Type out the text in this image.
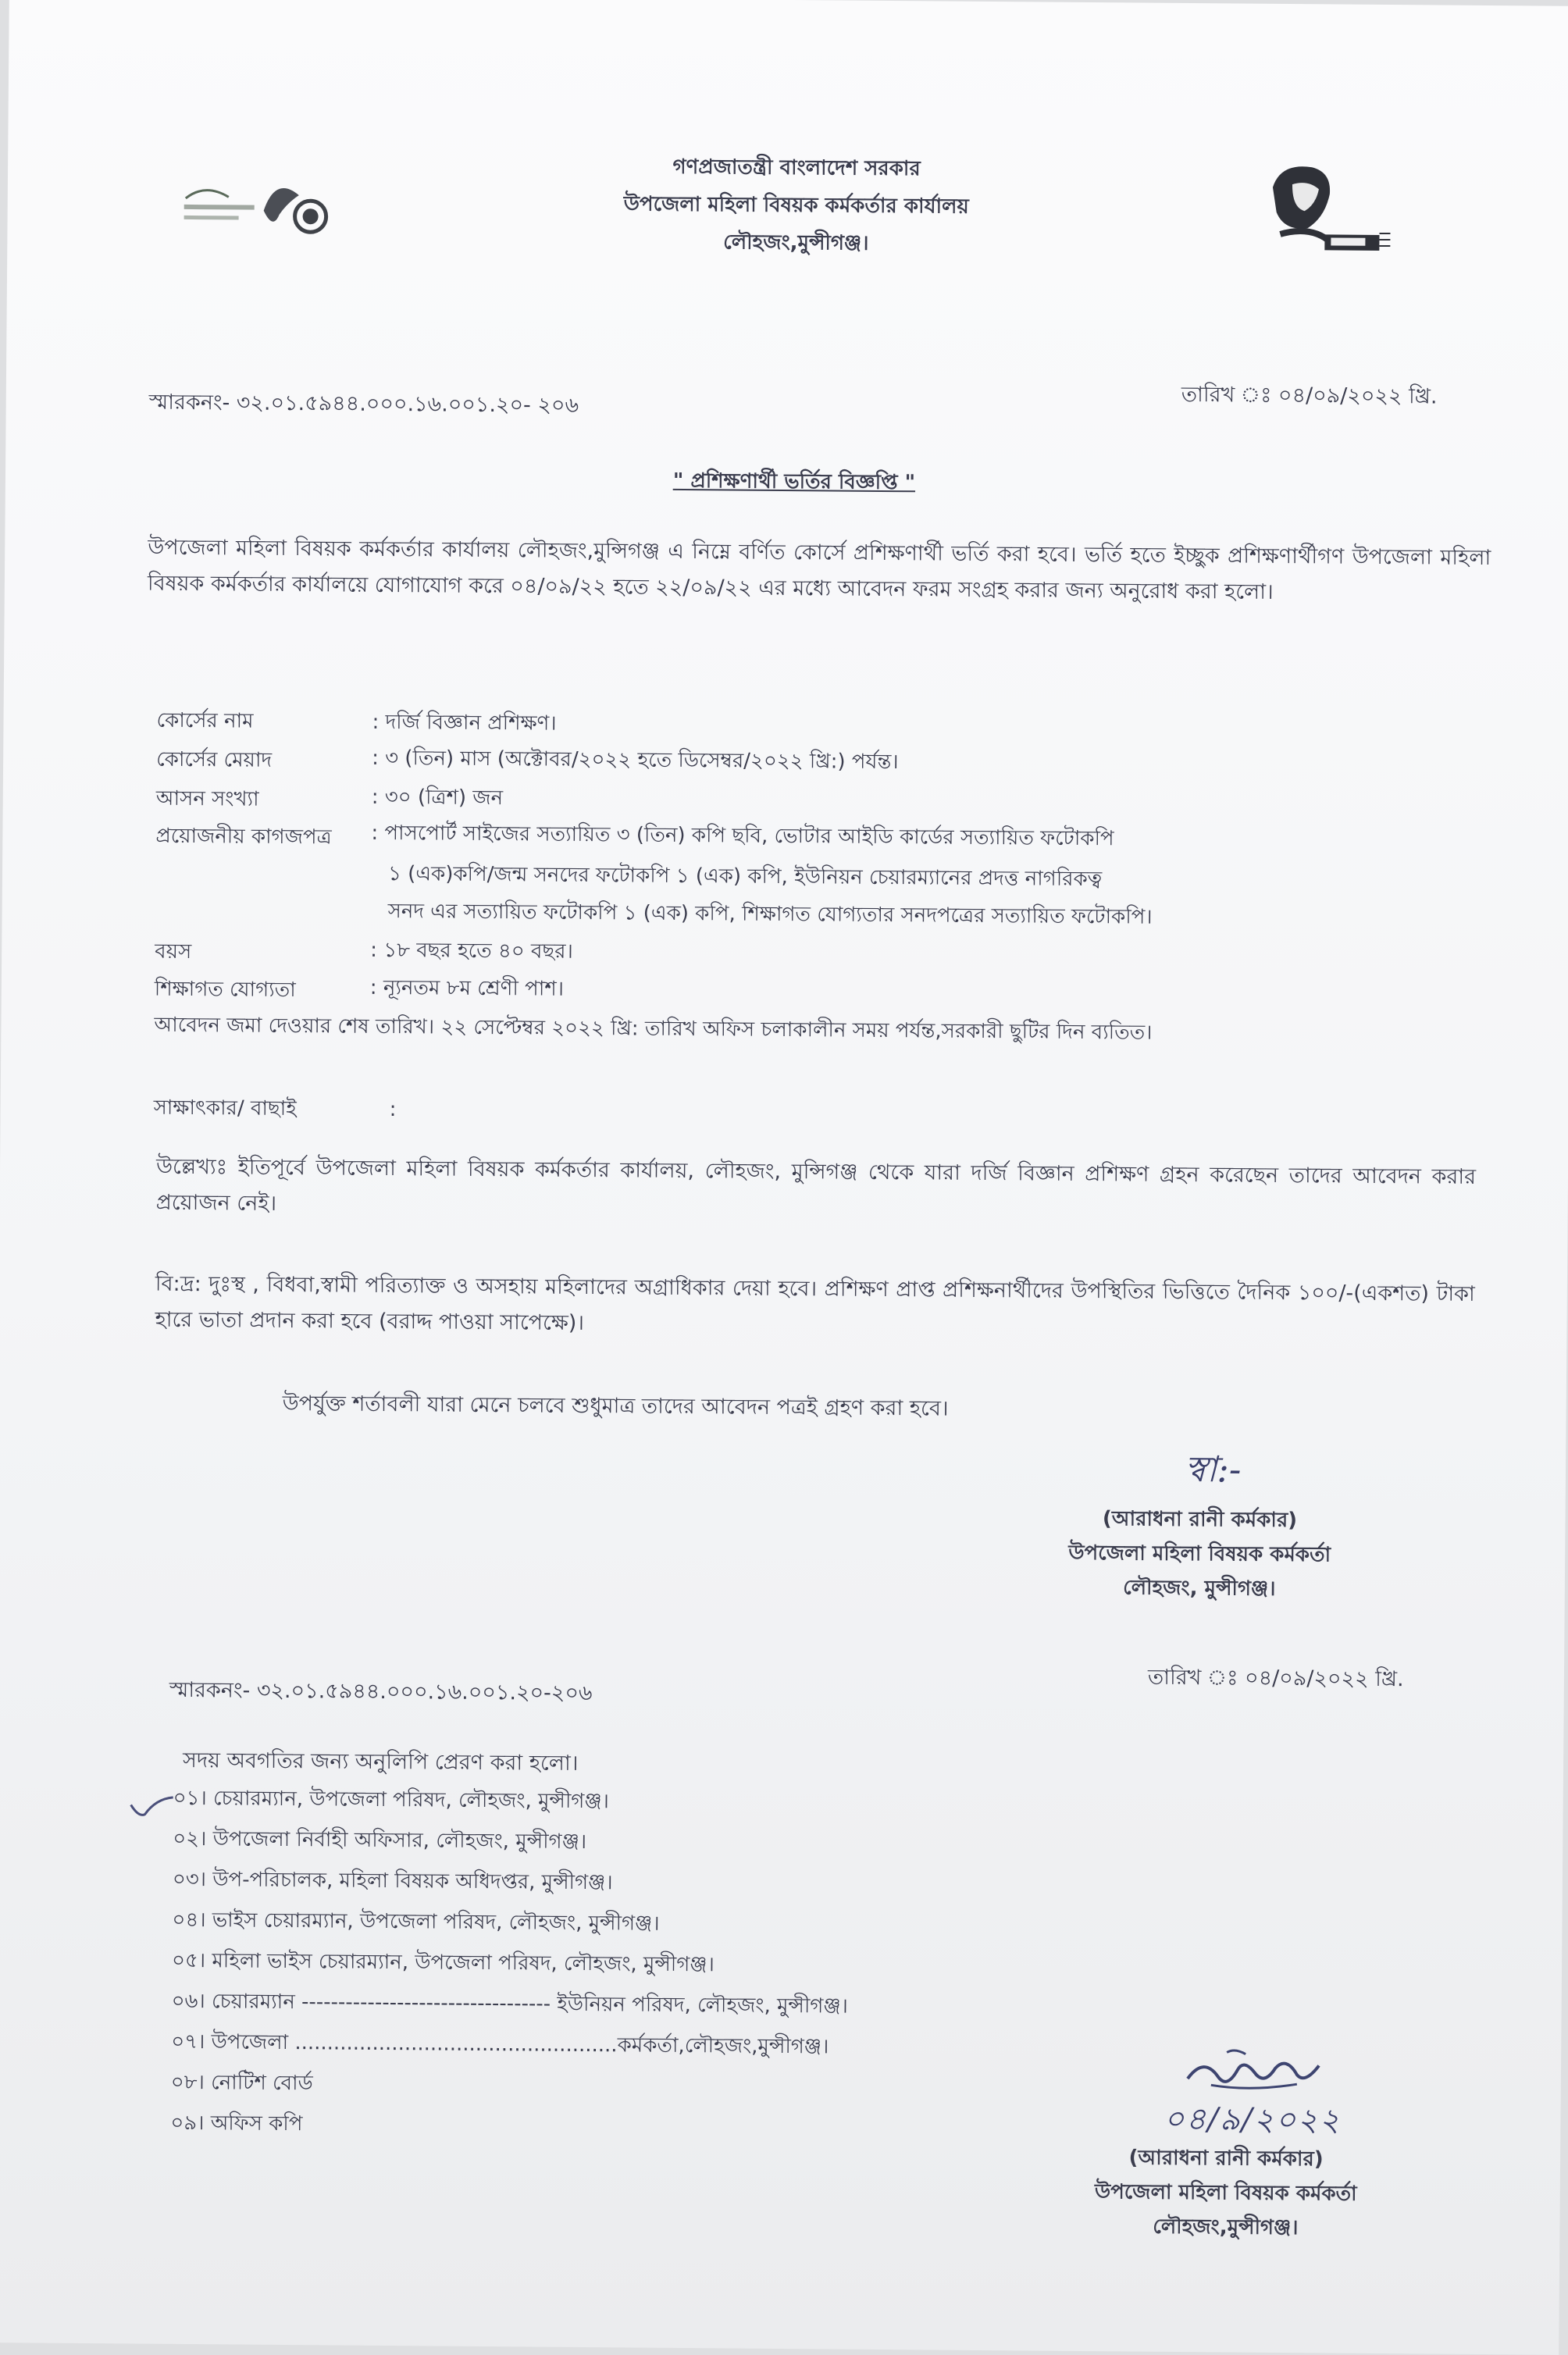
গণপ্রজাতন্ত্রী বাংলাদেশ সরকার
উপজেলা মহিলা বিষয়ক কর্মকর্তার কার্যালয়
লৌহজং,মুন্সীগঞ্জ।
স্মারকনং- ৩২.০১.৫৯৪৪.০০০.১৬.০০১.২০- ২০৬	তারিখ ঃ ০৪/০৯/২০২২ খ্রি.
" প্রশিক্ষণার্থী ভর্তির বিজ্ঞপ্তি "
উপজেলা মহিলা বিষয়ক কর্মকর্তার কার্যালয় লৌহজং,মুন্সিগঞ্জ এ নিম্নে বর্ণিত কোর্সে প্রশিক্ষণার্থী ভর্তি করা হবে। ভর্তি হতে ইচ্ছুক প্রশিক্ষণার্থীগণ উপজেলা মহিলা বিষয়ক কর্মকর্তার কার্যালয়ে যোগাযোগ করে ০৪/০৯/২২ হতে ২২/০৯/২২ এর মধ্যে আবেদন ফরম সংগ্রহ করার জন্য অনুরোধ করা হলো।
কোর্সের নাম	: দর্জি বিজ্ঞান প্রশিক্ষণ।
কোর্সের মেয়াদ	: ৩ (তিন) মাস (অক্টোবর/২০২২ হতে ডিসেম্বর/২০২২ খ্রি:) পর্যন্ত।
আসন সংখ্যা	: ৩০ (ত্রিশ) জন
প্রয়োজনীয় কাগজপত্র : পাসপোর্ট সাইজের সত্যায়িত ৩ (তিন) কপি ছবি, ভোটার আইডি কার্ডের সত্যায়িত ফটোকপি
১ (এক)কপি/জন্ম সনদের ফটোকপি ১ (এক) কপি, ইউনিয়ন চেয়ারম্যানের প্রদত্ত নাগরিকত্ব
সনদ এর সত্যায়িত ফটোকপি ১ (এক) কপি, শিক্ষাগত যোগ্যতার সনদপত্রের সত্যায়িত ফটোকপি।
বয়স	: ১৮ বছর হতে ৪০ বছর।
শিক্ষাগত যোগ্যতা	: ন্যূনতম ৮ম শ্রেণী পাশ।
আবেদন জমা দেওয়ার শেষ তারিখ। ২২ সেপ্টেম্বর ২০২২ খ্রি: তারিখ অফিস চলাকালীন সময় পর্যন্ত,সরকারী ছুটির দিন ব্যতিত।
সাক্ষাৎকার/ বাছাই	:
উল্লেখ্যঃ ইতিপূর্বে উপজেলা মহিলা বিষয়ক কর্মকর্তার কার্যালয়, লৌহজং, মুন্সিগঞ্জ থেকে যারা দর্জি বিজ্ঞান প্রশিক্ষণ গ্রহন করেছেন তাদের আবেদন করার প্রয়োজন নেই।
বি:দ্র: দুঃস্থ , বিধবা,স্বামী পরিত্যাক্ত ও অসহায় মহিলাদের অগ্রাধিকার দেয়া হবে। প্রশিক্ষণ প্রাপ্ত প্রশিক্ষনার্থীদের উপস্থিতির ভিত্তিতে দৈনিক ১০০/-(একশত) টাকা হারে ভাতা প্রদান করা হবে (বরাদ্দ পাওয়া সাপেক্ষে)।
উপর্যুক্ত শর্তাবলী যারা মেনে চলবে শুধুমাত্র তাদের আবেদন পত্রই গ্রহণ করা হবে।
স্বা:-
(আরাধনা রানী কর্মকার)
উপজেলা মহিলা বিষয়ক কর্মকর্তা
লৌহজং, মুন্সীগঞ্জ।
স্মারকনং- ৩২.০১.৫৯৪৪.০০০.১৬.০০১.২০-২০৬	তারিখ ঃ ০৪/০৯/২০২২ খ্রি.
সদয় অবগতির জন্য অনুলিপি প্রেরণ করা হলো।
০১। চেয়ারম্যান, উপজেলা পরিষদ, লৌহজং, মুন্সীগঞ্জ।
০২। উপজেলা নির্বাহী অফিসার, লৌহজং, মুন্সীগঞ্জ।
০৩। উপ-পরিচালক, মহিলা বিষয়ক অধিদপ্তর, মুন্সীগঞ্জ।
০৪। ভাইস চেয়ারম্যান, উপজেলা পরিষদ, লৌহজং, মুন্সীগঞ্জ।
০৫। মহিলা ভাইস চেয়ারম্যান, উপজেলা পরিষদ, লৌহজং, মুন্সীগঞ্জ।
০৬। চেয়ারম্যান ---------------------------------- ইউনিয়ন পরিষদ, লৌহজং, মুন্সীগঞ্জ।
০৭। উপজেলা ..................................................কর্মকর্তা,লৌহজং,মুন্সীগঞ্জ।
০৮। নোটিশ বোর্ড
০৯। অফিস কপি	০৪/৯/২০২২
(আরাধনা রানী কর্মকার)
উপজেলা মহিলা বিষয়ক কর্মকর্তা
লৌহজং,মুন্সীগঞ্জ।
